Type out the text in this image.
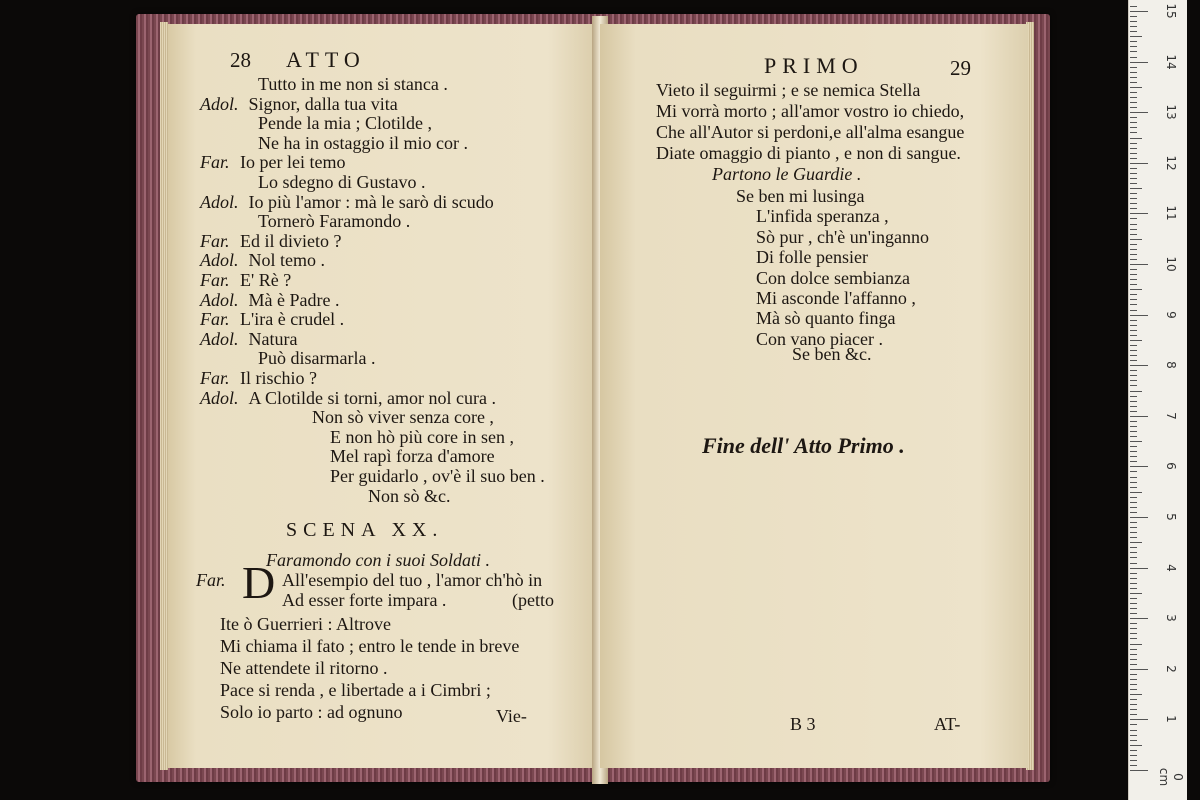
28 ATTO
Tutto in me non si stanca .
Adol. Signor, dalla tua vita
Pende la mia ; Clotilde ,
Ne ha in ostaggio il mio cor .
Far. Io per lei temo
Lo sdegno di Gustavo .
Adol. Io più l'amor : mà le sarò di scudo
Tornerò Faramondo .
Far. Ed il divieto ?
Adol. Nol temo .
Far. E' Rè ?
Adol. Mà è Padre .
Far. L'ira è crudel .
Adol. Natura
Può disarmarla .
Far. Il rischio ?
Adol. A Clotilde si torni, amor nol cura .
Non sò viver senza core ,
E non hò più core in sen ,
Mel rapì forza d'amore
Per guidarlo , ov'è il suo ben .
Non sò &c.
SCENA XX.
Faramondo con i suoi Soldati .
Far. D All'esempio del tuo , l'amor ch'hò in
Ad esser forte impara .
Ite ò Guerrieri : Altrove
Mi chiama il fato ; entro le tende in breve
Ne attendete il ritorno .
Pace si renda , e libertade a i Cimbri ;
Solo io parto : ad ognuno
(petto
Vie-
PRIMO	29
Vieto il seguirmi ; e se nemica Stella
Mi vorrà morto ; all'amor vostro io chiedo,
Che all'Autor si perdoni,e all'alma esangue
Diate omaggio di pianto , e non di sangue.
Partono le Guardie .
Se ben mi lusinga
L'infida speranza ,
Sò pur , ch'è un'inganno
Di folle pensier
Con dolce sembianza
Mi asconde l'affanno ,
Mà sò quanto finga
Con vano piacer .
Se ben &c.
Fine dell' Atto Primo .
B 3	AT-
15
14
13
12
11
10
9
8
7
6
5
4
3
2
1
0 cm
